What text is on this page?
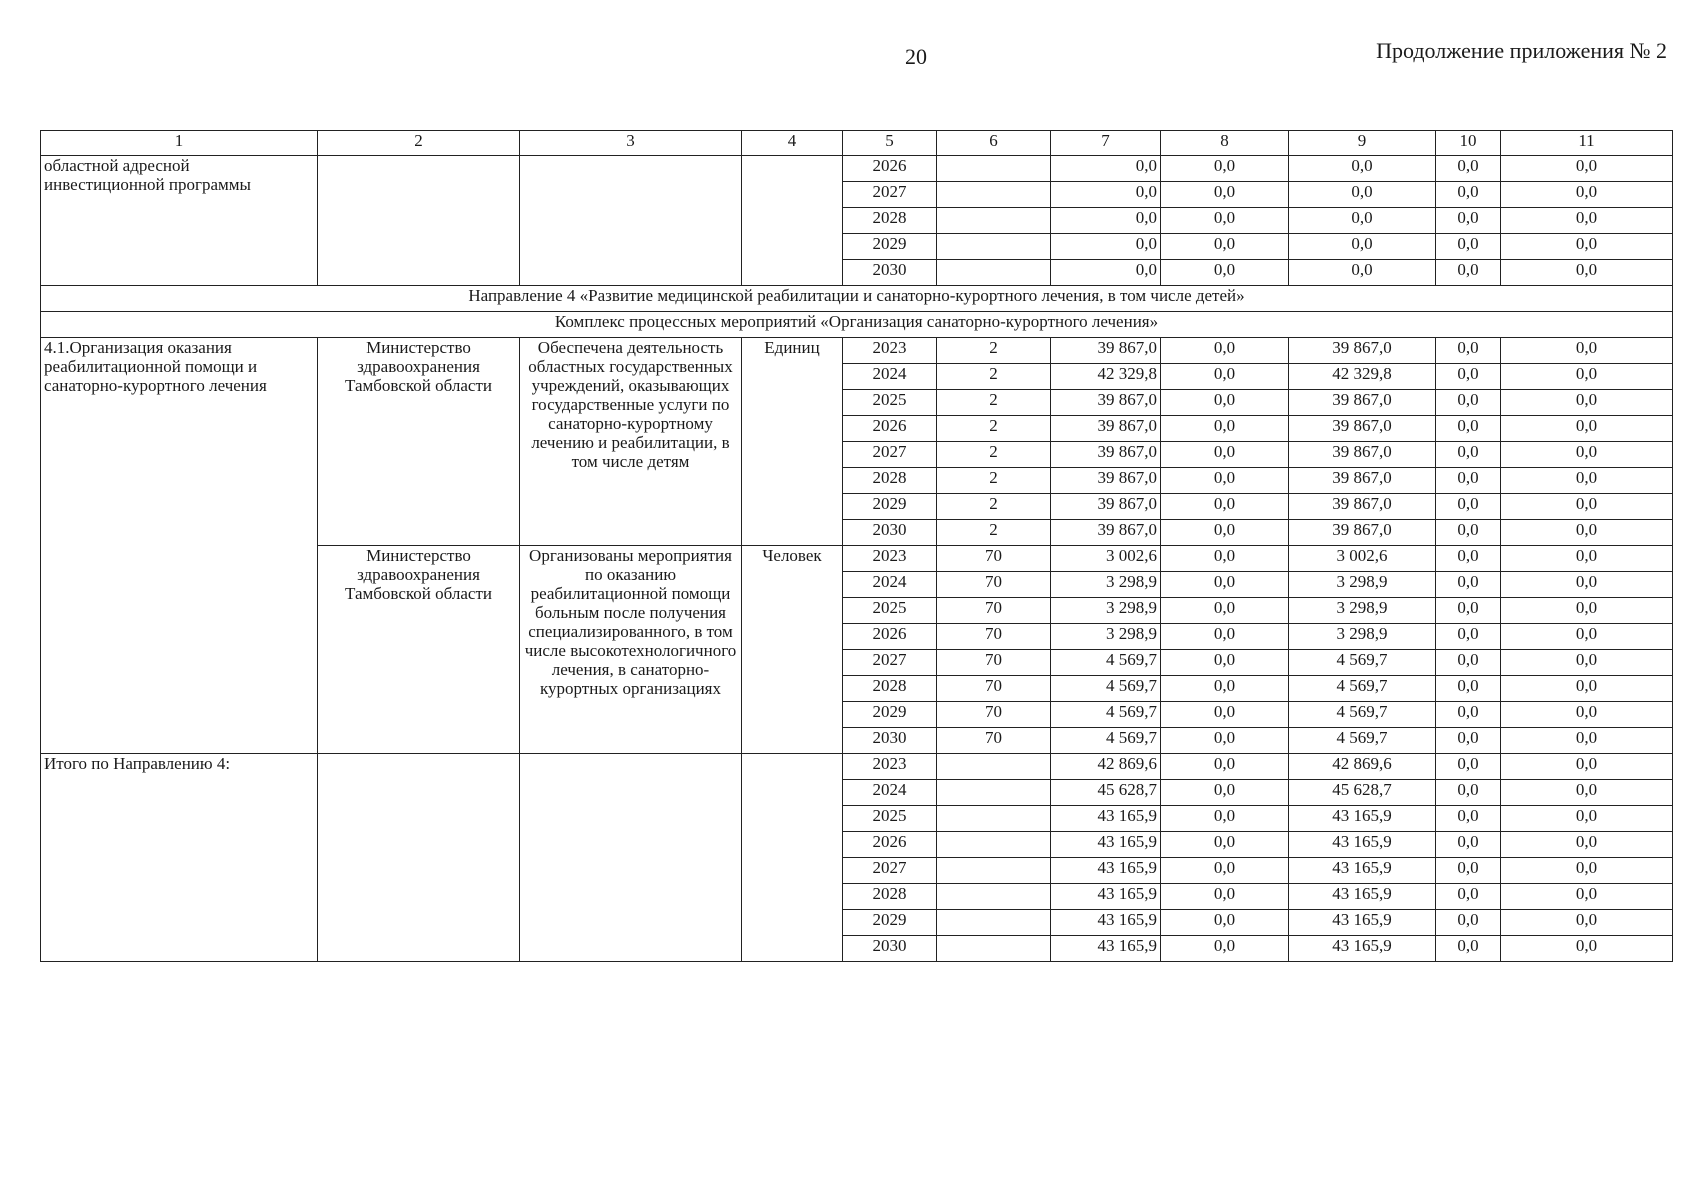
20	Продолжение приложения № 2
1	2	3	4	5	6	7	8	9	10	11
областной адресной инвестиционной программы				2026		0,0	0,0	0,0	0,0	0,0
				2027		0,0	0,0	0,0	0,0	0,0
				2028		0,0	0,0	0,0	0,0	0,0
				2029		0,0	0,0	0,0	0,0	0,0
				2030		0,0	0,0	0,0	0,0	0,0
Направление 4 «Развитие медицинской реабилитации и санаторно-курортного лечения, в том числе детей»										
Комплекс процессных мероприятий «Организация санаторно-курортного лечения»										
4.1.Организация оказания реабилитационной помощи и санаторно-курортного лечения	Министерство здравоохранения Тамбовской области	Обеспечена деятельность областных государственных учреждений, оказывающих государственные услуги по санаторно-курортному лечению и реабилитации, в том числе детям	Единиц	2023	2	39 867,0	0,0	39 867,0	0,0	0,0
				2024	2	42 329,8	0,0	42 329,8	0,0	0,0
				2025	2	39 867,0	0,0	39 867,0	0,0	0,0
				2026	2	39 867,0	0,0	39 867,0	0,0	0,0
				2027	2	39 867,0	0,0	39 867,0	0,0	0,0
				2028	2	39 867,0	0,0	39 867,0	0,0	0,0
				2029	2	39 867,0	0,0	39 867,0	0,0	0,0
				2030	2	39 867,0	0,0	39 867,0	0,0	0,0
	Министерство здравоохранения Тамбовской области	Организованы мероприятия по оказанию реабилитационной помощи больным после получения специализированного, в том числе высокотехнологичного лечения, в санаторно-курортных организациях	Человек	2023	70	3 002,6	0,0	3 002,6	0,0	0,0
				2024	70	3 298,9	0,0	3 298,9	0,0	0,0
				2025	70	3 298,9	0,0	3 298,9	0,0	0,0
				2026	70	3 298,9	0,0	3 298,9	0,0	0,0
				2027	70	4 569,7	0,0	4 569,7	0,0	0,0
				2028	70	4 569,7	0,0	4 569,7	0,0	0,0
				2029	70	4 569,7	0,0	4 569,7	0,0	0,0
				2030	70	4 569,7	0,0	4 569,7	0,0	0,0
Итого по Направлению 4:				2023		42 869,6	0,0	42 869,6	0,0	0,0
				2024		45 628,7	0,0	45 628,7	0,0	0,0
				2025		43 165,9	0,0	43 165,9	0,0	0,0
				2026		43 165,9	0,0	43 165,9	0,0	0,0
				2027		43 165,9	0,0	43 165,9	0,0	0,0
				2028		43 165,9	0,0	43 165,9	0,0	0,0
				2029		43 165,9	0,0	43 165,9	0,0	0,0
				2030		43 165,9	0,0	43 165,9	0,0	0,0
